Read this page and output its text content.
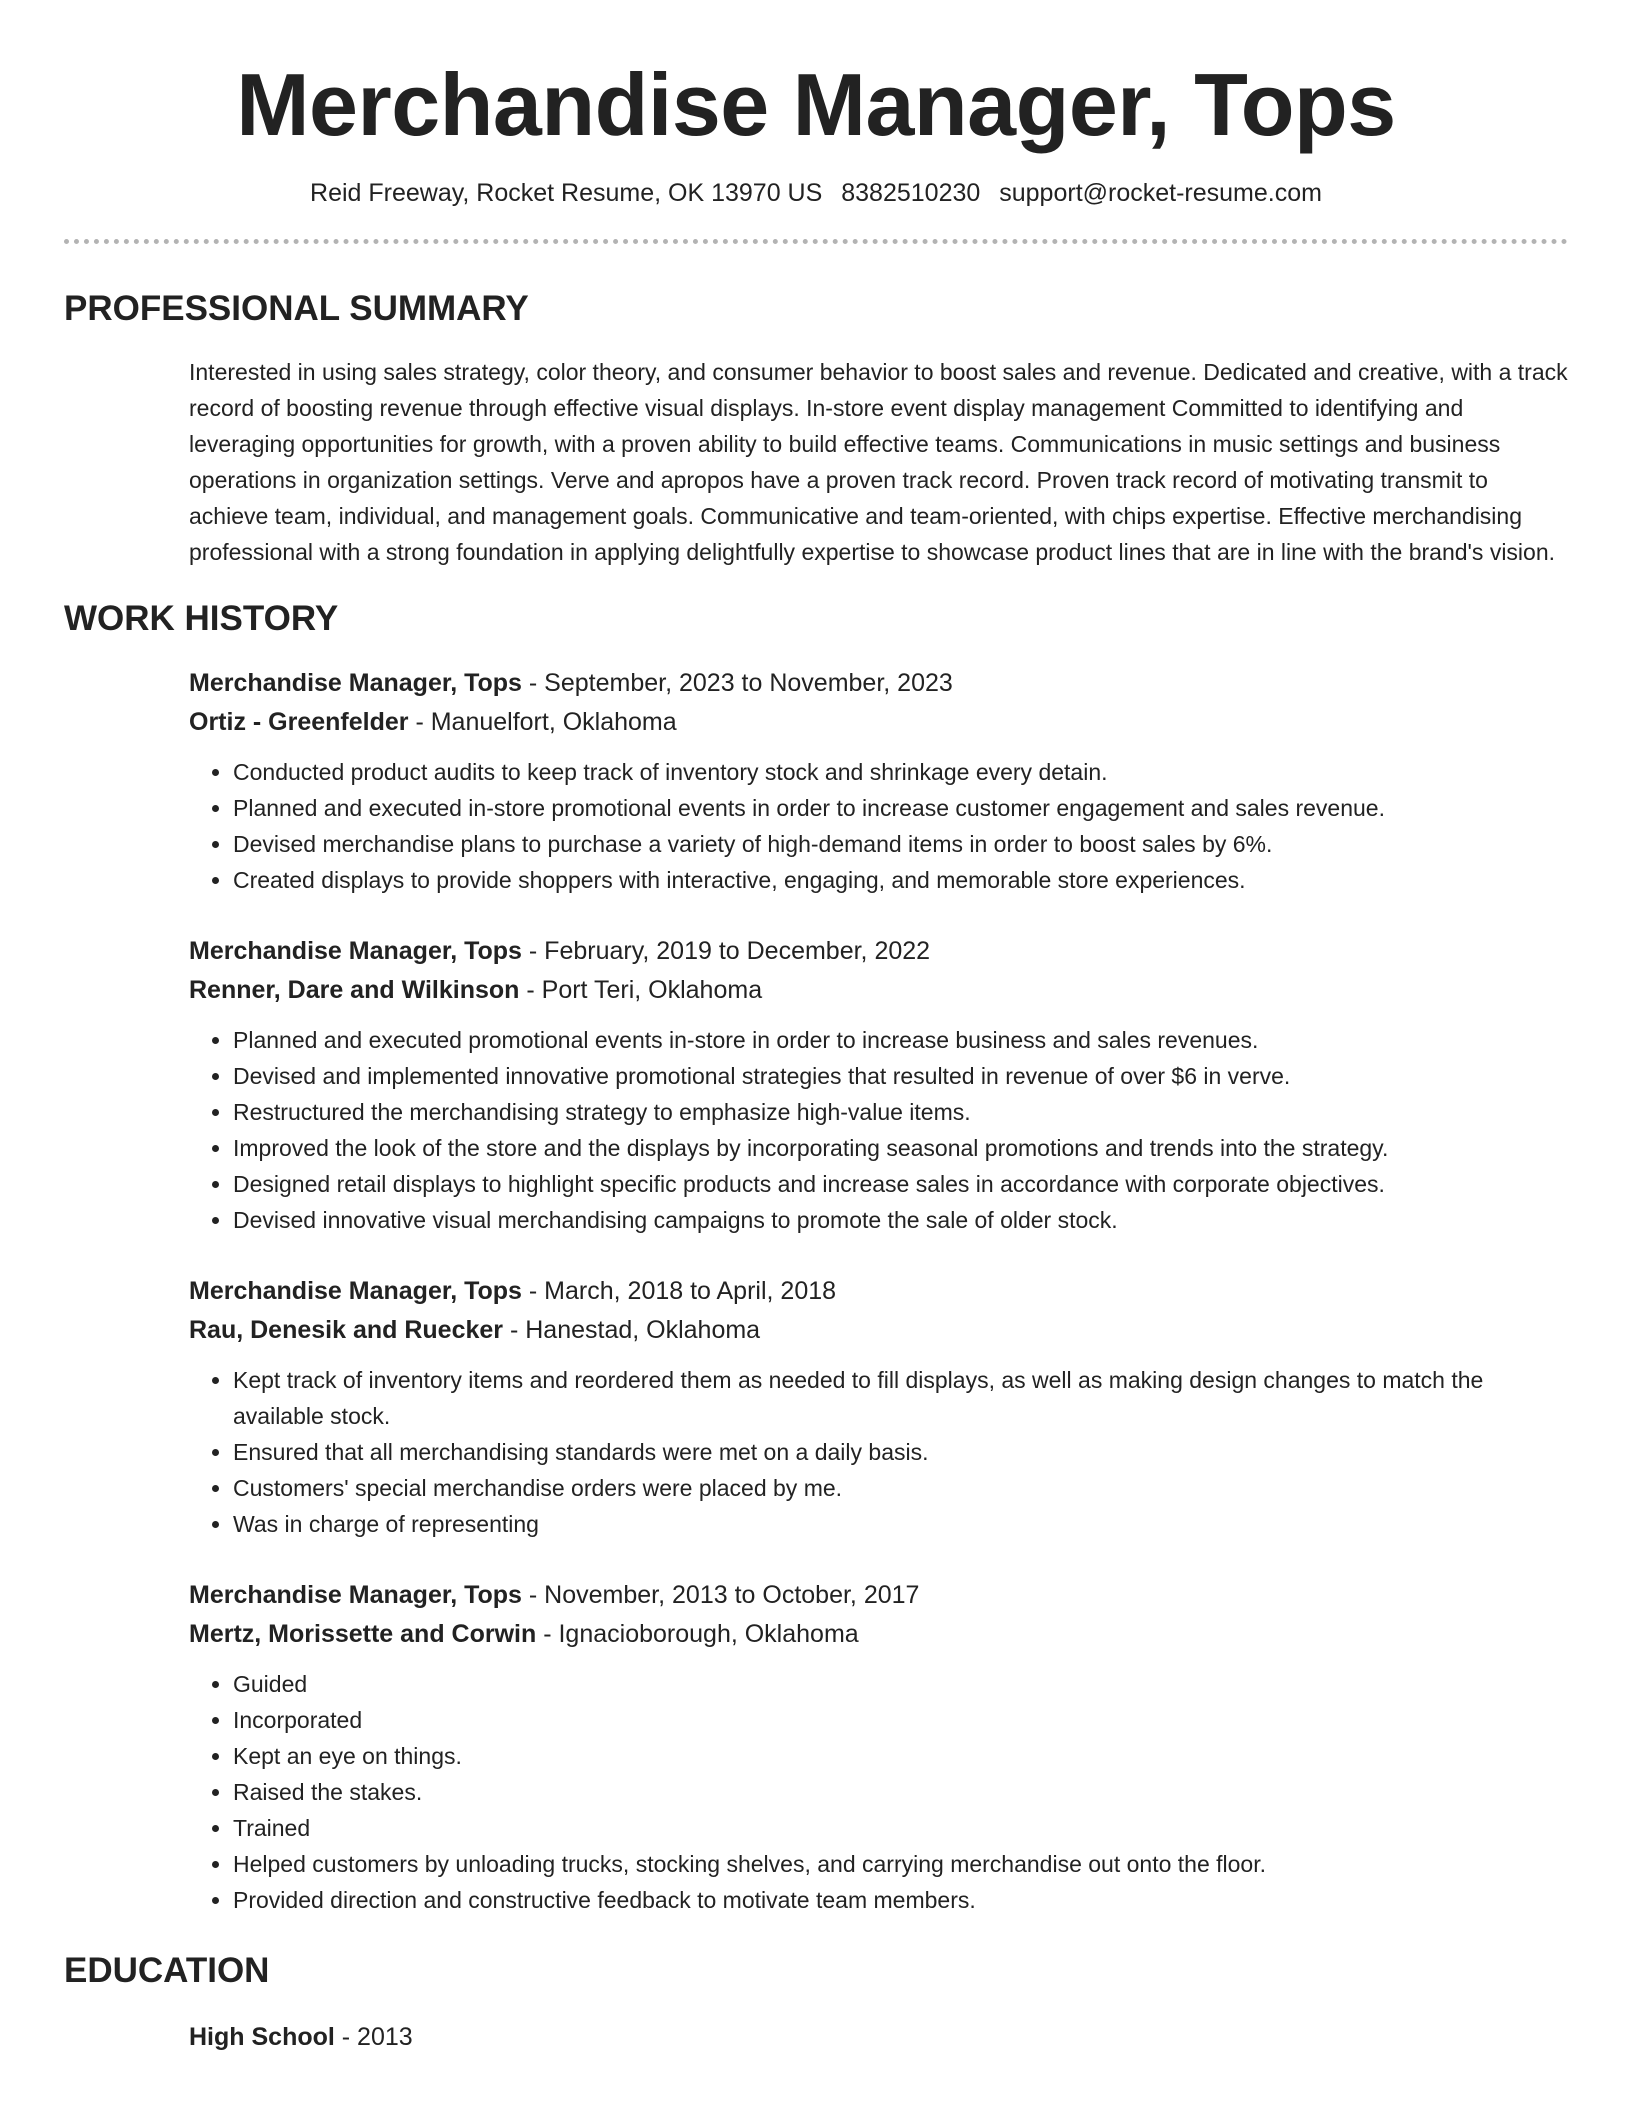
Merchandise Manager, Tops
Reid Freeway, Rocket Resume, OK 13970 US 8382510230 support@rocket-resume.com
PROFESSIONAL SUMMARY
Interested in using sales strategy, color theory, and consumer behavior to boost sales and revenue. Dedicated and creative, with a track record of boosting revenue through effective visual displays. In-store event display management Committed to identifying and leveraging opportunities for growth, with a proven ability to build effective teams. Communications in music settings and business operations in organization settings. Verve and apropos have a proven track record. Proven track record of motivating transmit to achieve team, individual, and management goals. Communicative and team-oriented, with chips expertise. Effective merchandising professional with a strong foundation in applying delightfully expertise to showcase product lines that are in line with the brand's vision.
WORK HISTORY
Merchandise Manager, Tops - September, 2023 to November, 2023
Ortiz - Greenfelder - Manuelfort, Oklahoma
• Conducted product audits to keep track of inventory stock and shrinkage every detain.
• Planned and executed in-store promotional events in order to increase customer engagement and sales revenue.
• Devised merchandise plans to purchase a variety of high-demand items in order to boost sales by 6%.
• Created displays to provide shoppers with interactive, engaging, and memorable store experiences.
Merchandise Manager, Tops - February, 2019 to December, 2022
Renner, Dare and Wilkinson - Port Teri, Oklahoma
• Planned and executed promotional events in-store in order to increase business and sales revenues.
• Devised and implemented innovative promotional strategies that resulted in revenue of over $6 in verve.
• Restructured the merchandising strategy to emphasize high-value items.
• Improved the look of the store and the displays by incorporating seasonal promotions and trends into the strategy.
• Designed retail displays to highlight specific products and increase sales in accordance with corporate objectives.
• Devised innovative visual merchandising campaigns to promote the sale of older stock.
Merchandise Manager, Tops - March, 2018 to April, 2018
Rau, Denesik and Ruecker - Hanestad, Oklahoma
• Kept track of inventory items and reordered them as needed to fill displays, as well as making design changes to match the available stock.
• Ensured that all merchandising standards were met on a daily basis.
• Customers' special merchandise orders were placed by me.
• Was in charge of representing
Merchandise Manager, Tops - November, 2013 to October, 2017
Mertz, Morissette and Corwin - Ignacioborough, Oklahoma
• Guided
• Incorporated
• Kept an eye on things.
• Raised the stakes.
• Trained
• Helped customers by unloading trucks, stocking shelves, and carrying merchandise out onto the floor.
• Provided direction and constructive feedback to motivate team members.
EDUCATION
High School - 2013
